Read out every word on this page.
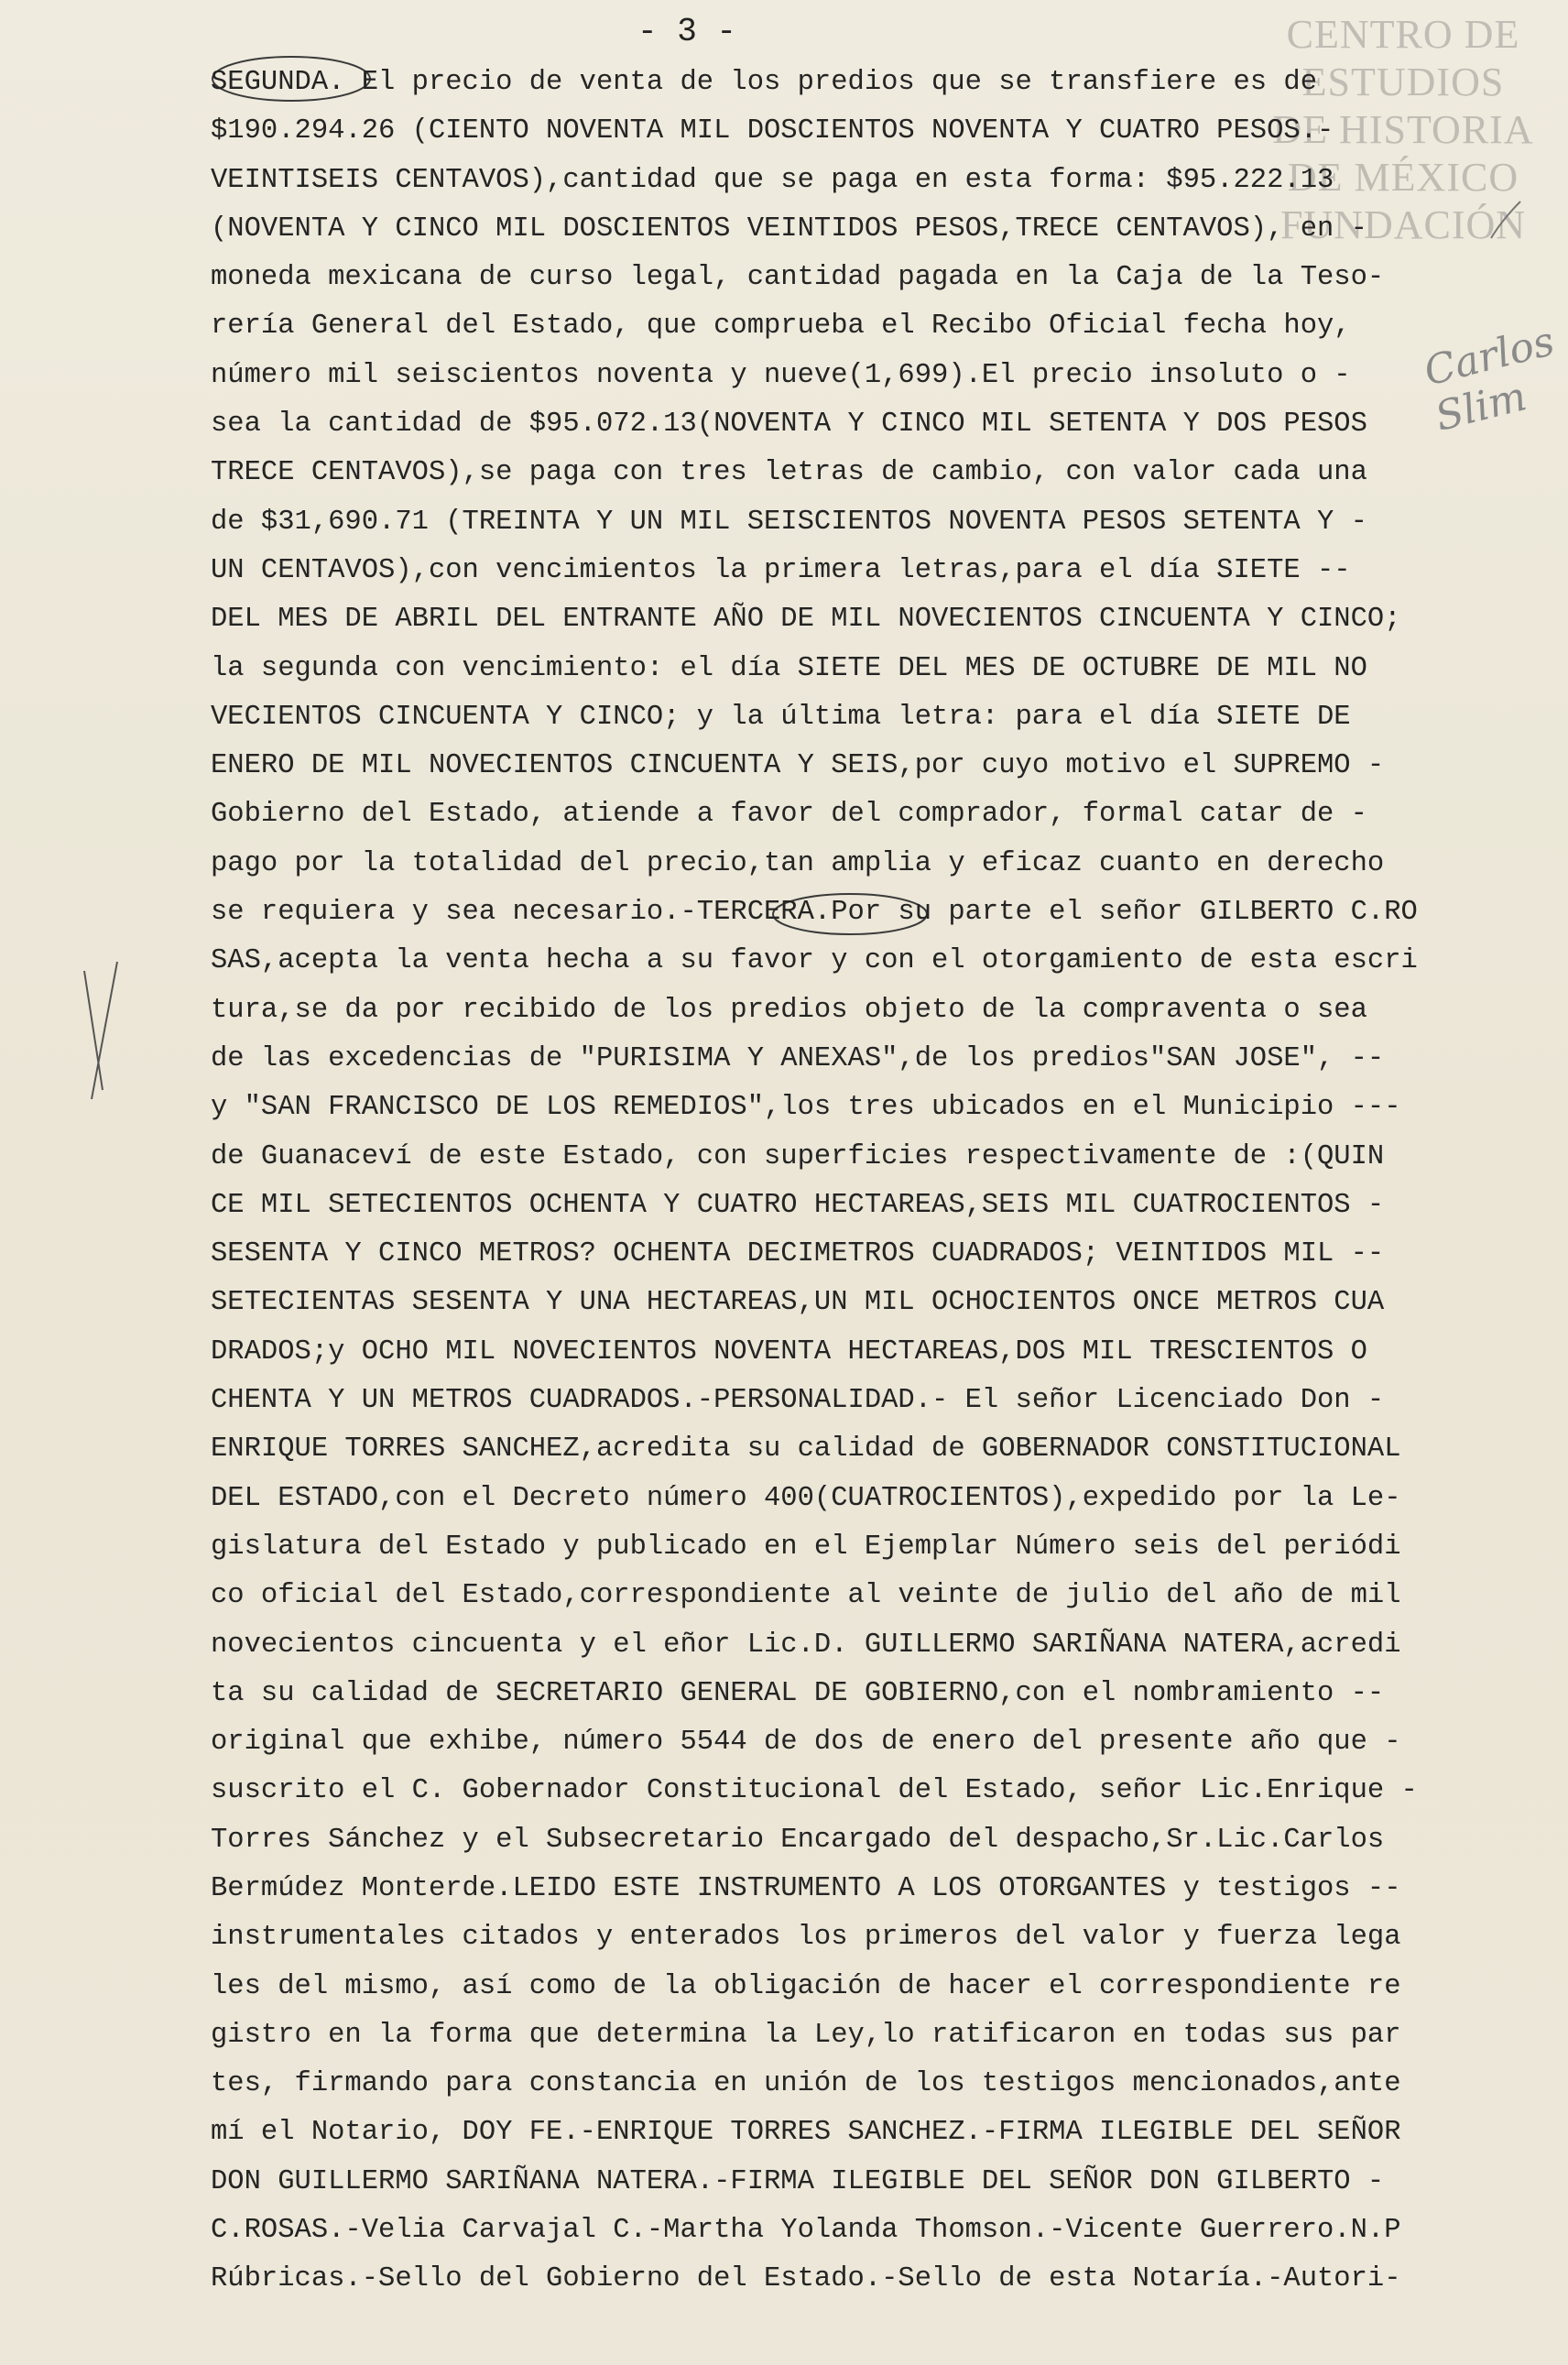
- 3 -	CENTRO DE
ESTUDIOS
DE HISTORIA
DE MÉXICO
FUNDACIÓN
Carlos Slim
SEGUNDA. El precio de venta de los predios que se transfiere es de
$190.294.26 (CIENTO NOVENTA MIL DOSCIENTOS NOVENTA Y CUATRO PESOS.-
VEINTISEIS CENTAVOS),cantidad que se paga en esta forma: $95.222.13
(NOVENTA Y CINCO MIL DOSCIENTOS VEINTIDOS PESOS,TRECE CENTAVOS), en -
moneda mexicana de curso legal, cantidad pagada en la Caja de la Teso-
rería General del Estado, que comprueba el Recibo Oficial fecha hoy,
número mil seiscientos noventa y nueve(1,699).El precio insoluto o -
sea la cantidad de $95.072.13(NOVENTA Y CINCO MIL SETENTA Y DOS PESOS
TRECE CENTAVOS),se paga con tres letras de cambio, con valor cada una
de $31,690.71 (TREINTA Y UN MIL SEISCIENTOS NOVENTA PESOS SETENTA Y -
UN CENTAVOS),con vencimientos la primera letras,para el día SIETE --
DEL MES DE ABRIL DEL ENTRANTE AÑO DE MIL NOVECIENTOS CINCUENTA Y CINCO;
la segunda con vencimiento: el día SIETE DEL MES DE OCTUBRE DE MIL NO
VECIENTOS CINCUENTA Y CINCO; y la última letra: para el día SIETE DE
ENERO DE MIL NOVECIENTOS CINCUENTA Y SEIS,por cuyo motivo el SUPREMO -
Gobierno del Estado, atiende a favor del comprador, formal catar de -
pago por la totalidad del precio,tan amplia y eficaz cuanto en derecho
se requiera y sea necesario.-TERCERA.Por su parte el señor GILBERTO C.RO
SAS,acepta la venta hecha a su favor y con el otorgamiento de esta escri
tura,se da por recibido de los predios objeto de la compraventa o sea
de las excedencias de "PURISIMA Y ANEXAS",de los predios"SAN JOSE", --
y "SAN FRANCISCO DE LOS REMEDIOS",los tres ubicados en el Municipio ---
de Guanaceví de este Estado, con superficies respectivamente de :(QUIN
CE MIL SETECIENTOS OCHENTA Y CUATRO HECTAREAS,SEIS MIL CUATROCIENTOS -
SESENTA Y CINCO METROS? OCHENTA DECIMETROS CUADRADOS; VEINTIDOS MIL --
SETECIENTAS SESENTA Y UNA HECTAREAS,UN MIL OCHOCIENTOS ONCE METROS CUA
DRADOS;y OCHO MIL NOVECIENTOS NOVENTA HECTAREAS,DOS MIL TRESCIENTOS O
CHENTA Y UN METROS CUADRADOS.-PERSONALIDAD.- El señor Licenciado Don -
ENRIQUE TORRES SANCHEZ,acredita su calidad de GOBERNADOR CONSTITUCIONAL
DEL ESTADO,con el Decreto número 400(CUATROCIENTOS),expedido por la Le-
gislatura del Estado y publicado en el Ejemplar Número seis del periódi
co oficial del Estado,correspondiente al veinte de julio del año de mil
novecientos cincuenta y el eñor Lic.D. GUILLERMO SARIÑANA NATERA,acredi
ta su calidad de SECRETARIO GENERAL DE GOBIERNO,con el nombramiento --
original que exhibe, número 5544 de dos de enero del presente año que -
suscrito el C. Gobernador Constitucional del Estado, señor Lic.Enrique -
Torres Sánchez y el Subsecretario Encargado del despacho,Sr.Lic.Carlos
Bermúdez Monterde.LEIDO ESTE INSTRUMENTO A LOS OTORGANTES y testigos --
instrumentales citados y enterados los primeros del valor y fuerza lega
les del mismo, así como de la obligación de hacer el correspondiente re
gistro en la forma que determina la Ley,lo ratificaron en todas sus par
tes, firmando para constancia en unión de los testigos mencionados,ante
mí el Notario, DOY FE.-ENRIQUE TORRES SANCHEZ.-FIRMA ILEGIBLE DEL SEÑOR
DON GUILLERMO SARIÑANA NATERA.-FIRMA ILEGIBLE DEL SEÑOR DON GILBERTO -
C.ROSAS.-Velia Carvajal C.-Martha Yolanda Thomson.-Vicente Guerrero.N.P
Rúbricas.-Sello del Gobierno del Estado.-Sello de esta Notaría.-Autori-
